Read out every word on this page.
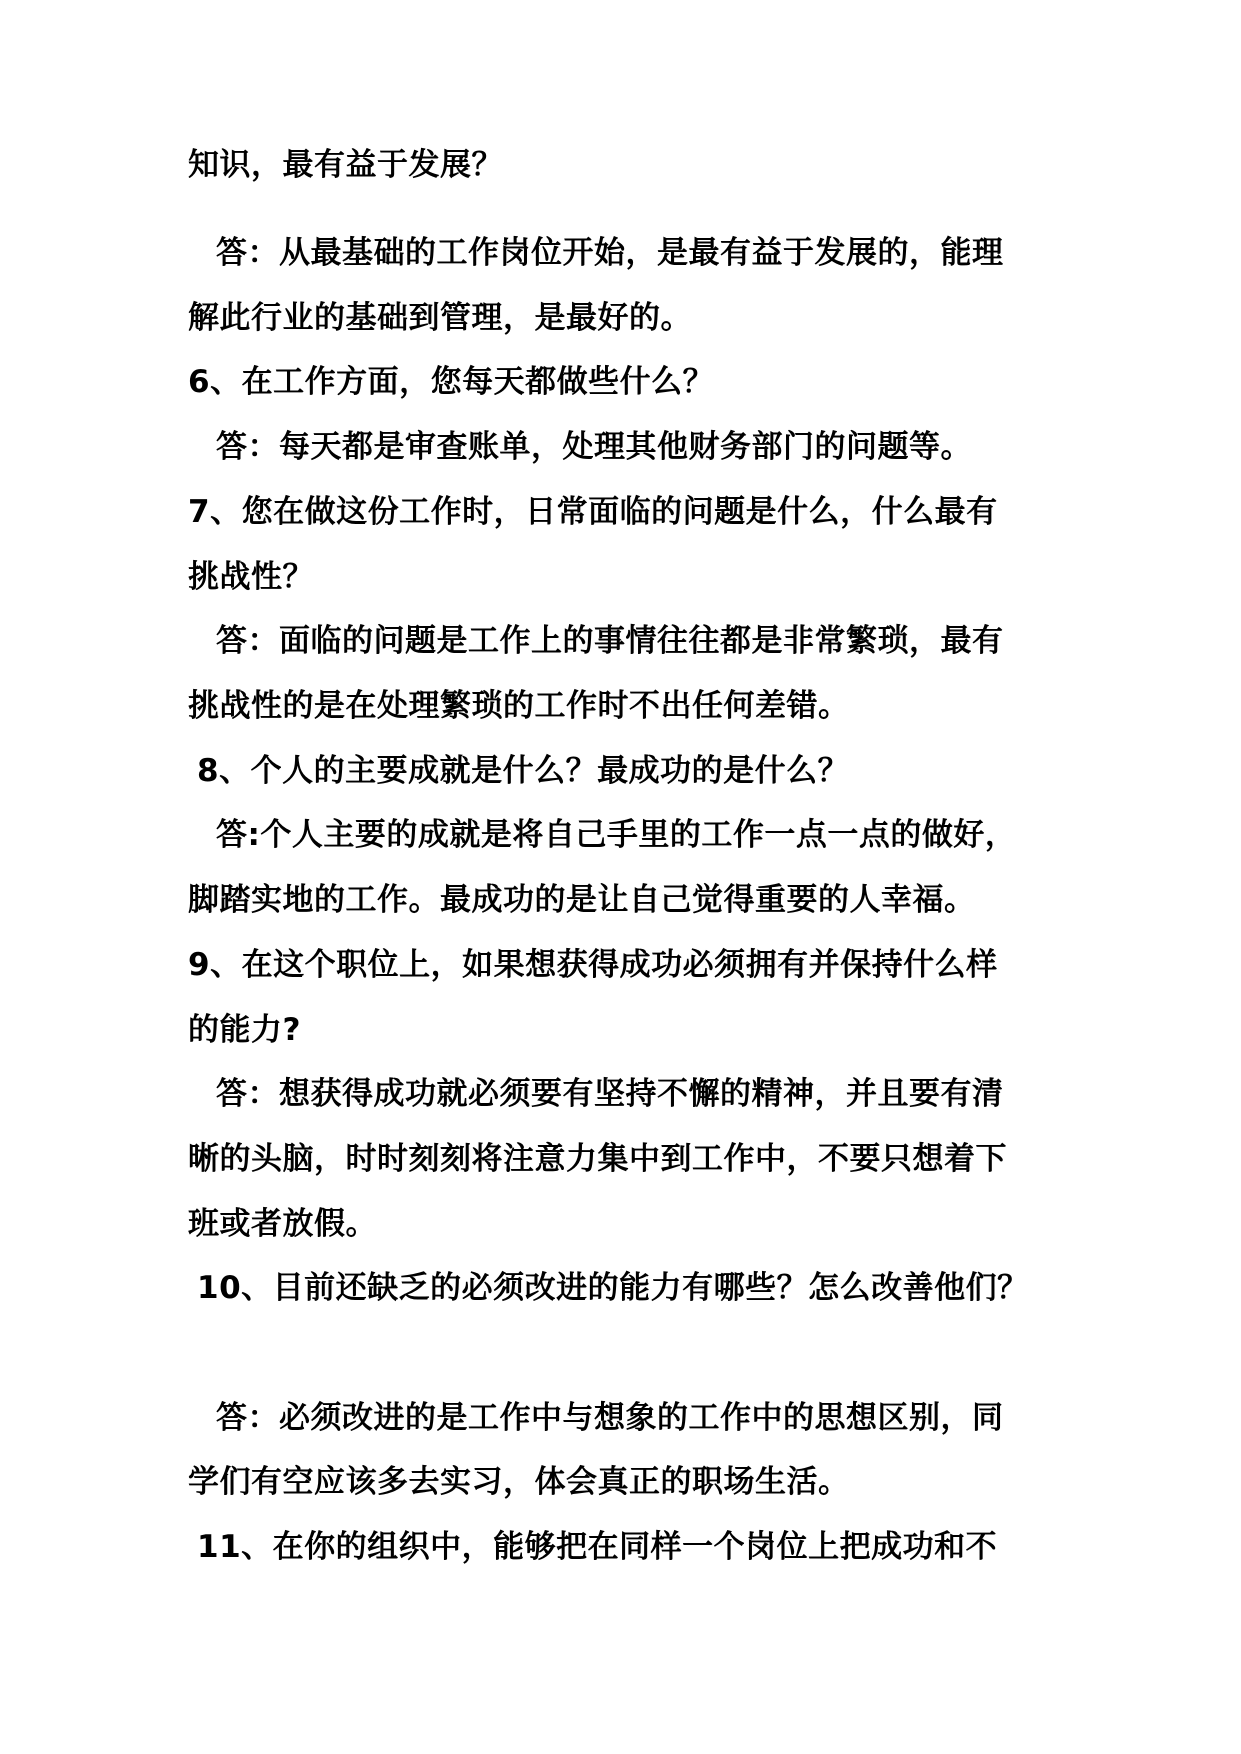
知识，最有益于发展？
答：从最基础的工作岗位开始，是最有益于发展的，能理
解此行业的基础到管理，是最好的。
6、在工作方面，您每天都做些什么？
答：每天都是审查账单，处理其他财务部门的问题等。
7、您在做这份工作时，日常面临的问题是什么，什么最有
挑战性？
答：面临的问题是工作上的事情往往都是非常繁琐，最有
挑战性的是在处理繁琐的工作时不出任何差错。
8、个人的主要成就是什么？最成功的是什么？
答:个人主要的成就是将自己手里的工作一点一点的做好，
脚踏实地的工作。最成功的是让自己觉得重要的人幸福。
9、在这个职位上，如果想获得成功必须拥有并保持什么样
的能力?
答：想获得成功就必须要有坚持不懈的精神，并且要有清
晰的头脑，时时刻刻将注意力集中到工作中，不要只想着下
班或者放假。
10、目前还缺乏的必须改进的能力有哪些？怎么改善他们？
答：必须改进的是工作中与想象的工作中的思想区别，同
学们有空应该多去实习，体会真正的职场生活。
11、在你的组织中，能够把在同样一个岗位上把成功和不
